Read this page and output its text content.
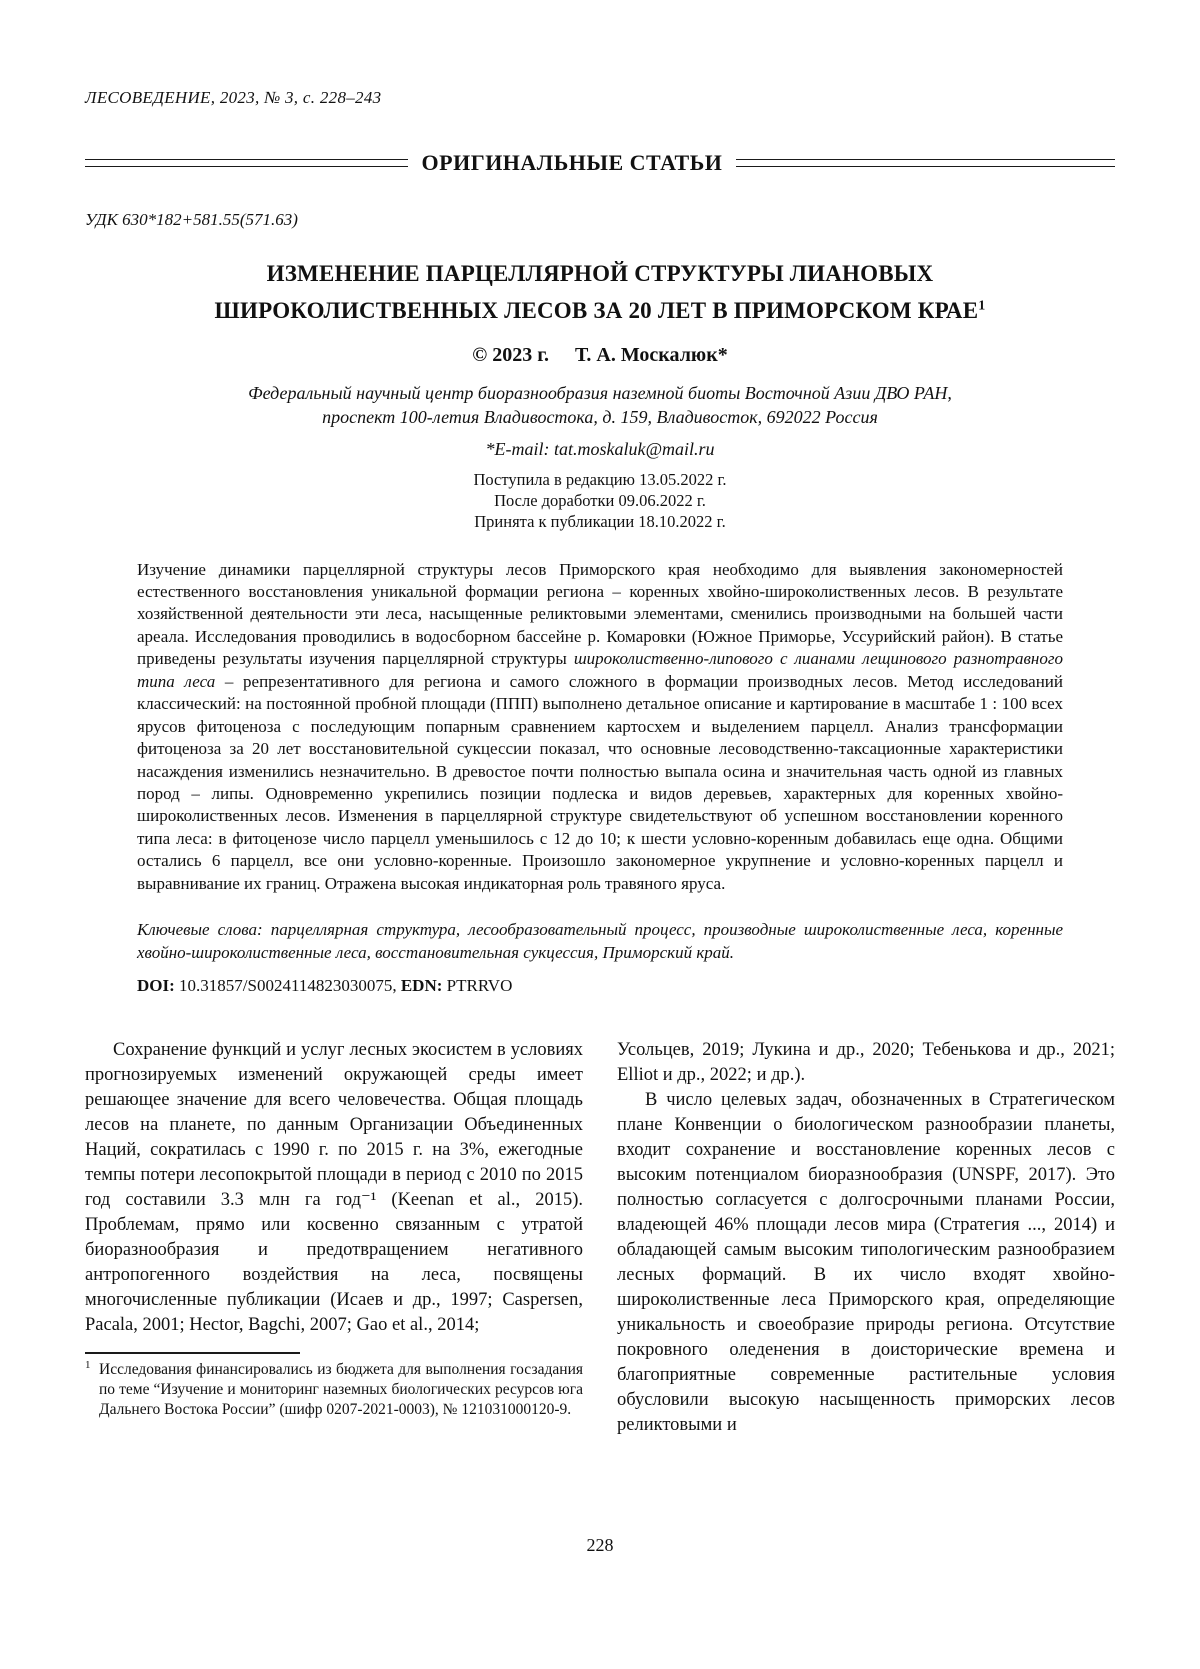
ЛЕСОВЕДЕНИЕ, 2023, № 3, с. 228–243
ОРИГИНАЛЬНЫЕ СТАТЬИ
УДК 630*182+581.55(571.63)
ИЗМЕНЕНИЕ ПАРЦЕЛЛЯРНОЙ СТРУКТУРЫ ЛИАНОВЫХ
ШИРОКОЛИСТВЕННЫХ ЛЕСОВ ЗА 20 ЛЕТ В ПРИМОРСКОМ КРАЕ$^1$
© 2023 г. Т. А. Москалюк*
Федеральный научный центр биоразнообразия наземной биоты Восточной Азии ДВО РАН,
проспект 100-летия Владивостока, д. 159, Владивосток, 692022 Россия
*E-mail: tat.moskaluk@mail.ru
Поступила в редакцию 13.05.2022 г.
После доработки 09.06.2022 г.
Принята к публикации 18.10.2022 г.
Изучение динамики парцеллярной структуры лесов Приморского края необходимо для выявления закономерностей естественного восстановления уникальной формации региона – коренных хвойно-широколиственных лесов. В результате хозяйственной деятельности эти леса, насыщенные реликтовыми элементами, сменились производными на большей части ареала. Исследования проводились в водосборном бассейне р. Комаровки (Южное Приморье, Уссурийский район). В статье приведены результаты изучения парцеллярной структуры широколиственно-липового с лианами лещинового разнотравного типа леса – репрезентативного для региона и самого сложного в формации производных лесов. Метод исследований классический: на постоянной пробной площади (ППП) выполнено детальное описание и картирование в масштабе 1 : 100 всех ярусов фитоценоза с последующим попарным сравнением картосхем и выделением парцелл. Анализ трансформации фитоценоза за 20 лет восстановительной сукцессии показал, что основные лесоводственно-таксационные характеристики насаждения изменились незначительно. В древостое почти полностью выпала осина и значительная часть одной из главных пород – липы. Одновременно укрепились позиции подлеска и видов деревьев, характерных для коренных хвойно-широколиственных лесов. Изменения в парцеллярной структуре свидетельствуют об успешном восстановлении коренного типа леса: в фитоценозе число парцелл уменьшилось с 12 до 10; к шести условно-коренным добавилась еще одна. Общими остались 6 парцелл, все они условно-коренные. Произошло закономерное укрупнение и условно-коренных парцелл и выравнивание их границ. Отражена высокая индикаторная роль травяного яруса.
Ключевые слова: парцеллярная структура, лесообразовательный процесс, производные широколиственные леса, коренные хвойно-широколиственные леса, восстановительная сукцессия, Приморский край.
DOI: 10.31857/S0024114823030075, EDN: PTRRVO

Сохранение функций и услуг лесных экосистем в условиях прогнозируемых изменений окружающей среды имеет решающее значение для всего человечества. Общая площадь лесов на планете, по данным Организации Объединенных Наций, сократилась с 1990 г. по 2015 г. на 3%, ежегодные темпы потери лесопокрытой площади в период с 2010 по 2015 год составили 3.3 млн га год⁻¹ (Keenan et al., 2015). Проблемам, прямо или косвенно связанным с утратой биоразнообразия и предотвращением негативного антропогенного воздействия на леса, посвящены многочисленные публикации (Исаев и др., 1997; Caspersen, Pacala, 2001; Hector, Bagchi, 2007; Gao et al., 2014;

1 Исследования финансировались из бюджета для выполнения госзадания по теме “Изучение и мониторинг наземных биологических ресурсов юга Дальнего Востока России” (шифр 0207-2021-0003), № 121031000120-9.

Усольцев, 2019; Лукина и др., 2020; Тебенькова и др., 2021; Elliot и др., 2022; и др.).

В число целевых задач, обозначенных в Стратегическом плане Конвенции о биологическом разнообразии планеты, входит сохранение и восстановление коренных лесов с высоким потенциалом биоразнообразия (UNSPF, 2017). Это полностью согласуется с долгосрочными планами России, владеющей 46% площади лесов мира (Стратегия ..., 2014) и обладающей самым высоким типологическим разнообразием лесных формаций. В их число входят хвойно-широколиственные леса Приморского края, определяющие уникальность и своеобразие природы региона. Отсутствие покровного оледенения в доисторические времена и благоприятные современные растительные условия обусловили высокую насыщенность приморских лесов реликтовыми и

228
